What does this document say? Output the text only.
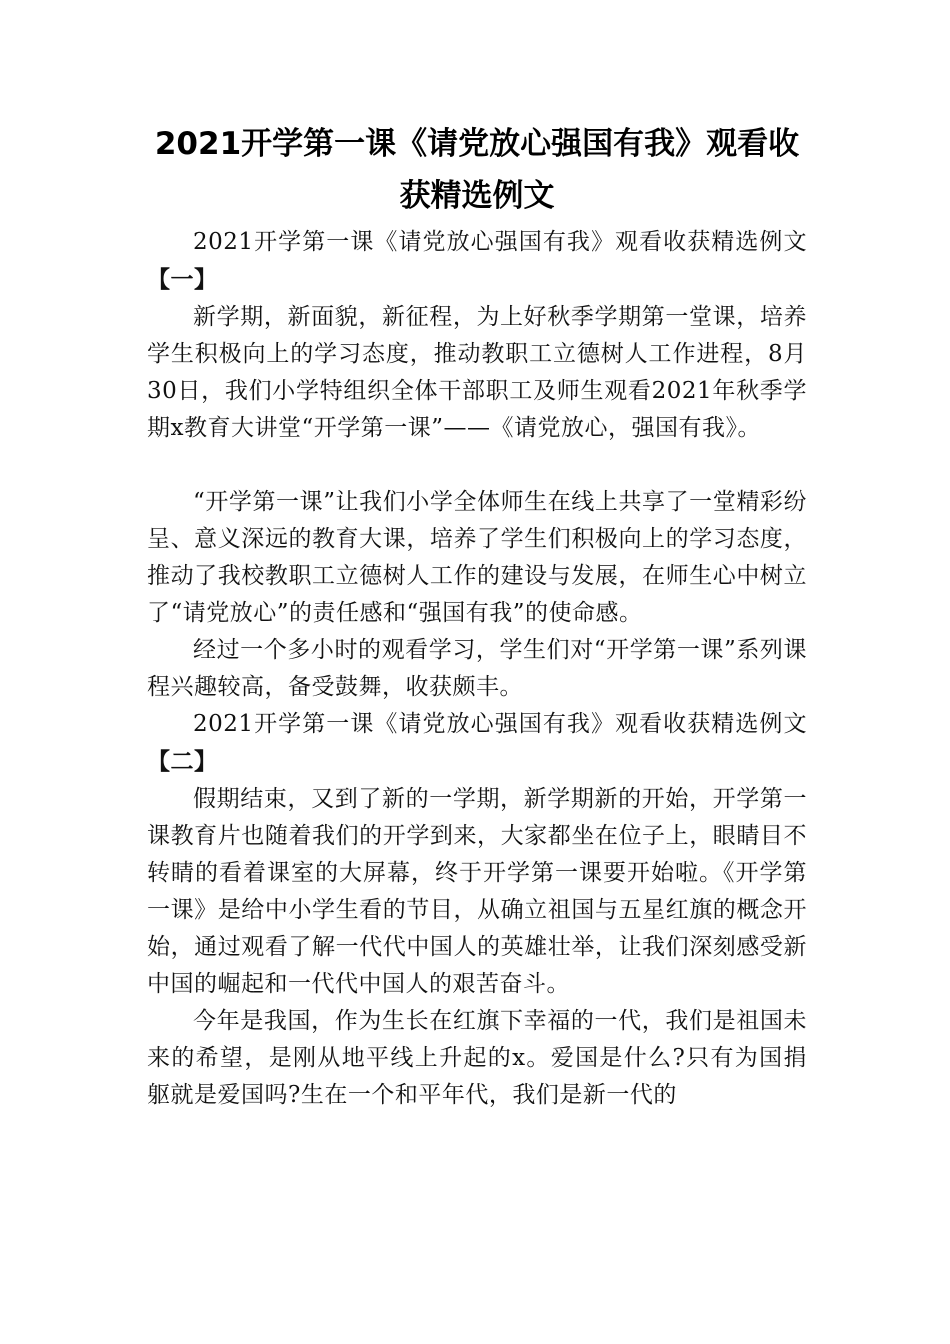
2021开学第一课《请党放心强国有我》观看收获精选例文

2021开学第一课《请党放心强国有我》观看收获精选例文【一】

新学期，新面貌，新征程，为上好秋季学期第一堂课，培养学生积极向上的学习态度，推动教职工立德树人工作进程，8月30日，我们小学特组织全体干部职工及师生观看2021年秋季学期x教育大讲堂“开学第一课”——《请党放心，强国有我》。

“开学第一课”让我们小学全体师生在线上共享了一堂精彩纷呈、意义深远的教育大课，培养了学生们积极向上的学习态度，推动了我校教职工立德树人工作的建设与发展，在师生心中树立了“请党放心”的责任感和“强国有我”的使命感。

经过一个多小时的观看学习，学生们对“开学第一课”系列课程兴趣较高，备受鼓舞，收获颇丰。

2021开学第一课《请党放心强国有我》观看收获精选例文【二】

假期结束，又到了新的一学期，新学期新的开始，开学第一课教育片也随着我们的开学到来，大家都坐在位子上，眼睛目不转睛的看着课室的大屏幕，终于开学第一课要开始啦。《开学第一课》是给中小学生看的节目，从确立祖国与五星红旗的概念开始，通过观看了解一代代中国人的英雄壮举，让我们深刻感受新中国的崛起和一代代中国人的艰苦奋斗。

今年是我国，作为生长在红旗下幸福的一代，我们是祖国未来的希望，是刚从地平线上升起的x。爱国是什么?只有为国捐躯就是爱国吗?生在一个和平年代，我们是新一代的
